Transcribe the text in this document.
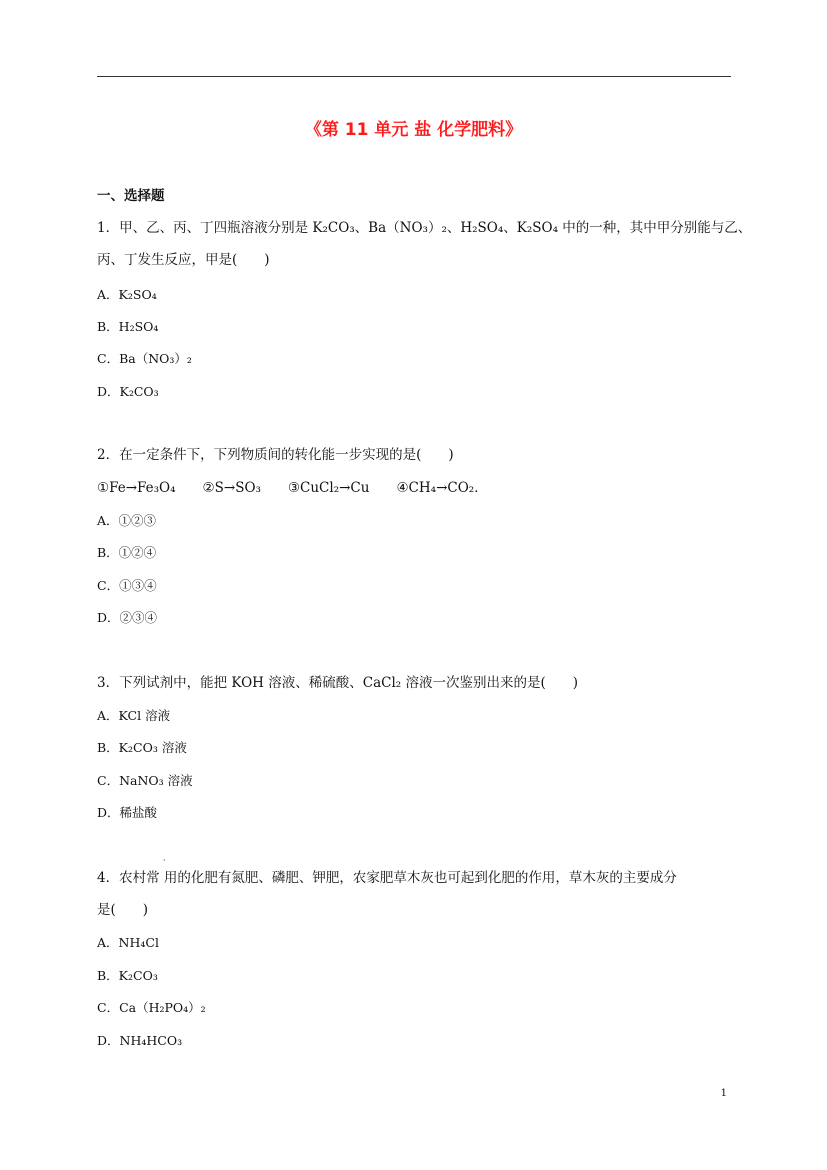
《第 11 单元 盐 化学肥料》
一、选择题
1．甲、乙、丙、丁四瓶溶液分别是 K₂CO₃、Ba（NO₃）₂、H₂SO₄、K₂SO₄ 中的一种，其中甲分别能与乙、
丙、丁发生反应，甲是(　　)
A．K₂SO₄
B．H₂SO₄
C．Ba（NO₃）₂
D．K₂CO₃
2．在一定条件下，下列物质间的转化能一步实现的是(　　)
①Fe→Fe₃O₄　　②S→SO₃　　③CuCl₂→Cu　　④CH₄→CO₂．
A．①②③
B．①②④
C．①③④
D．②③④
3．下列试剂中，能把 KOH 溶液、稀硫酸、CaCl₂ 溶液一次鉴别出来的是(　　)
A．KCl 溶液
B．K₂CO₃ 溶液
C．NaNO₃ 溶液
D．稀盐酸
·
4．农村常 用的化肥有氮肥、磷肥、钾肥，农家肥草木灰也可起到化肥的作用，草木灰的主要成分
是(　　)
A．NH₄Cl
B．K₂CO₃
C．Ca（H₂PO₄）₂
D．NH₄HCO₃
1
